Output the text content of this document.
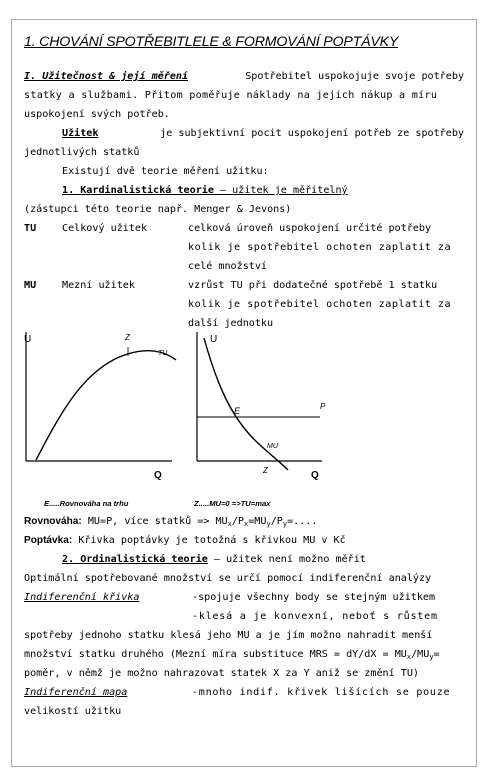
1. CHOVÁNÍ SPOTŘEBITLELE & FORMOVÁNÍ POPTÁVKY
I. Užitečnost & její měření	Spotřebitel uspokojuje svoje potřeby
statky a službami. Přitom poměřuje náklady na jejich nákup a míru
uspokojení svých potřeb.
Užitek	je subjektivní pocit uspokojení potřeb ze spotřeby
jednotlivých statků
Existují dvě teorie měření užitku:
1. Kardinalistická teorie – užitek je měřitelný
(zástupci této teorie např. Menger & Jevons)
TU	Celkový užitek	celková úroveň uspokojení určité potřeby
kolik je spotřebitel ochoten zaplatit za
celé množství
MU	Mezní užitek	vzrůst TU při dodatečné spotřebě 1 statku
kolik je spotřebitel ochoten zaplatit za
další jednotku
U
Q
Z
TU
U
Q
E	P
MU
Z
E.....Rovnováha na trhu	Z.....MU=0 =>TU=max
Rovnováha: MU=P, více statků => $MU_x/P_x=MU_y/P_y=$....
Poptávka: Křivka poptávky je totožná s křivkou MU v Kč
2. Ordinalistická teorie – užitek není možno měřit
Optimální spotřebované množství se určí pomocí indiferenční analýzy
Indiferenční křivka	-spojuje všechny body se stejným užitkem
-klesá a je konvexní, neboť s růstem
spotřeby jednoho statku klesá jeho MU a je jím možno nahradit menší
množství statku druhého (Mezní míra substituce MRS = $dY/dX = MU_x/MU_y=$
poměr, v němž je možno nahrazovat statek X za Y aniž se změní TU)
Indiferenční mapa	-mnoho indif. křivek lišících se pouze
velikostí užitku
